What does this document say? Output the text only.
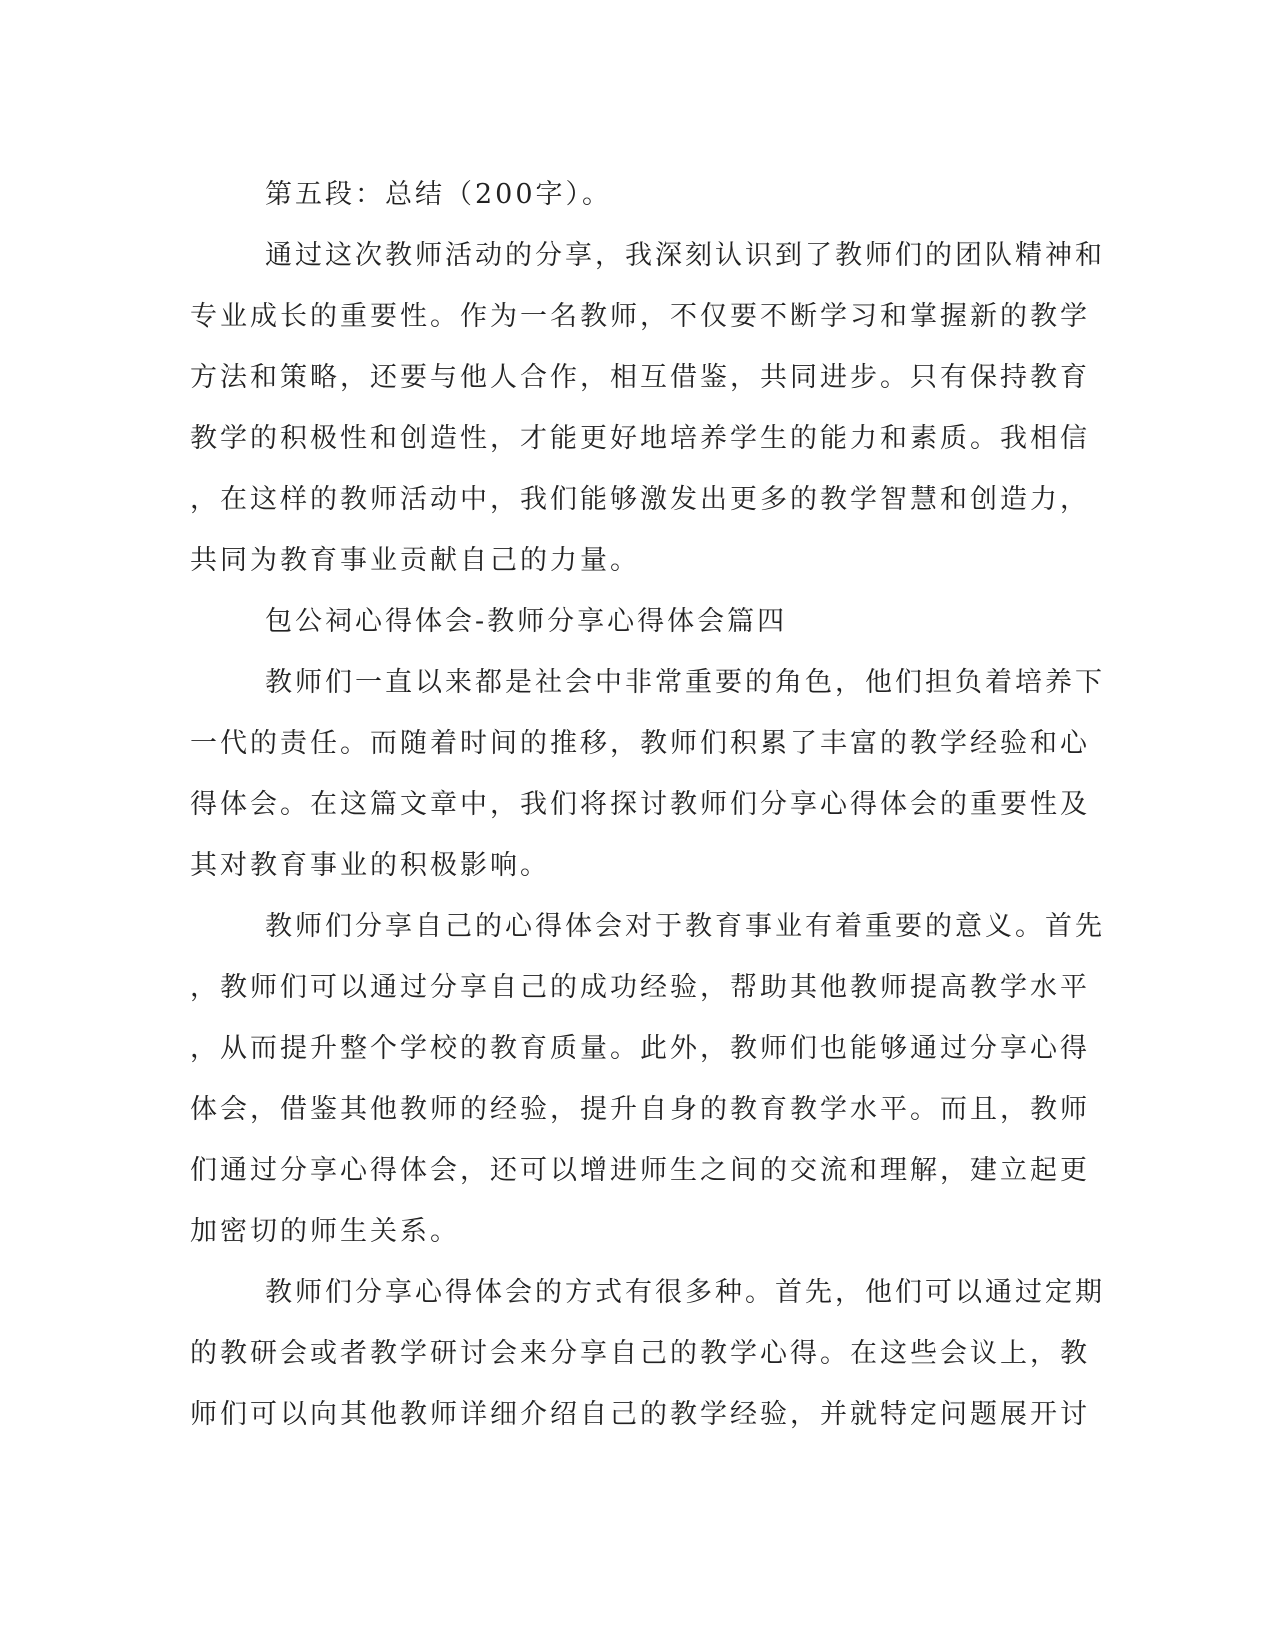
第五段：总结（200字）。
通过这次教师活动的分享，我深刻认识到了教师们的团队精神和
专业成长的重要性。作为一名教师，不仅要不断学习和掌握新的教学
方法和策略，还要与他人合作，相互借鉴，共同进步。只有保持教育
教学的积极性和创造性，才能更好地培养学生的能力和素质。我相信
，在这样的教师活动中，我们能够激发出更多的教学智慧和创造力，
共同为教育事业贡献自己的力量。
包公祠心得体会-教师分享心得体会篇四
教师们一直以来都是社会中非常重要的角色，他们担负着培养下
一代的责任。而随着时间的推移，教师们积累了丰富的教学经验和心
得体会。在这篇文章中，我们将探讨教师们分享心得体会的重要性及
其对教育事业的积极影响。
教师们分享自己的心得体会对于教育事业有着重要的意义。首先
，教师们可以通过分享自己的成功经验，帮助其他教师提高教学水平
，从而提升整个学校的教育质量。此外，教师们也能够通过分享心得
体会，借鉴其他教师的经验，提升自身的教育教学水平。而且，教师
们通过分享心得体会，还可以增进师生之间的交流和理解，建立起更
加密切的师生关系。
教师们分享心得体会的方式有很多种。首先，他们可以通过定期
的教研会或者教学研讨会来分享自己的教学心得。在这些会议上，教
师们可以向其他教师详细介绍自己的教学经验，并就特定问题展开讨
